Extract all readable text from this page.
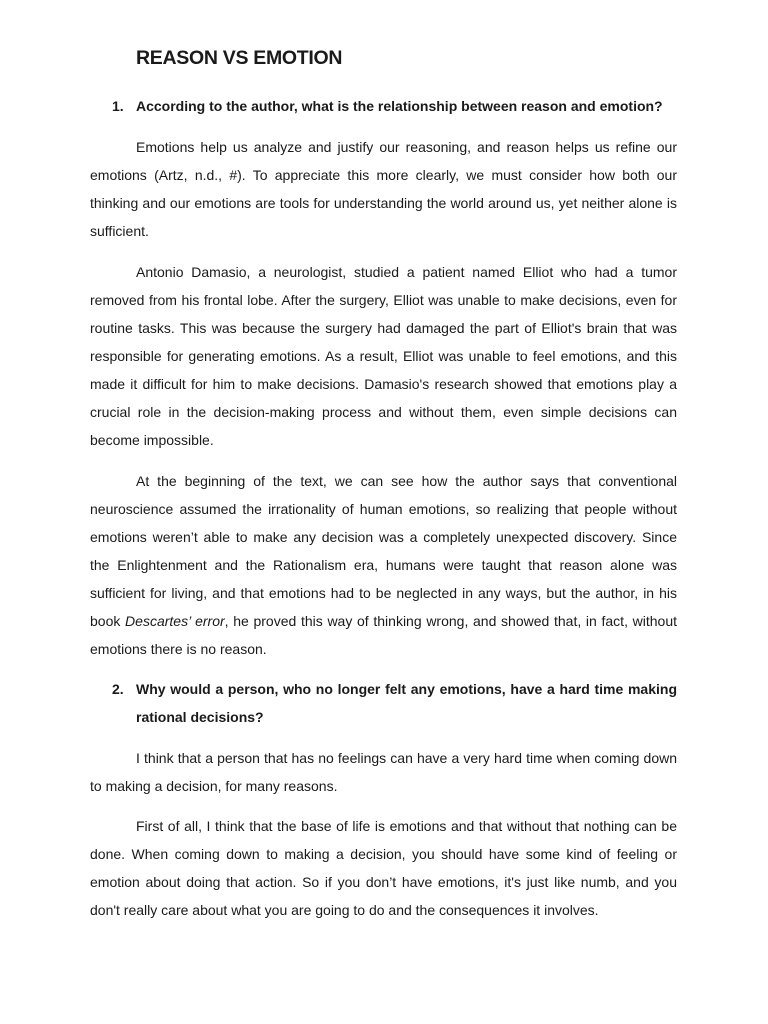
REASON VS EMOTION
1. According to the author, what is the relationship between reason and emotion?

Emotions help us analyze and justify our reasoning, and reason helps us refine our emotions (Artz, n.d., #). To appreciate this more clearly, we must consider how both our thinking and our emotions are tools for understanding the world around us, yet neither alone is sufficient.

Antonio Damasio, a neurologist, studied a patient named Elliot who had a tumor removed from his frontal lobe. After the surgery, Elliot was unable to make decisions, even for routine tasks. This was because the surgery had damaged the part of Elliot's brain that was responsible for generating emotions. As a result, Elliot was unable to feel emotions, and this made it difficult for him to make decisions. Damasio's research showed that emotions play a crucial role in the decision-making process and without them, even simple decisions can become impossible.

At the beginning of the text, we can see how the author says that conventional neuroscience assumed the irrationality of human emotions, so realizing that people without emotions weren’t able to make any decision was a completely unexpected discovery. Since the Enlightenment and the Rationalism era, humans were taught that reason alone was sufficient for living, and that emotions had to be neglected in any ways, but the author, in his book Descartes’ error, he proved this way of thinking wrong, and showed that, in fact, without emotions there is no reason.

2. Why would a person, who no longer felt any emotions, have a hard time making rational decisions?

I think that a person that has no feelings can have a very hard time when coming down to making a decision, for many reasons.

First of all, I think that the base of life is emotions and that without that nothing can be done. When coming down to making a decision, you should have some kind of feeling or emotion about doing that action. So if you don’t have emotions, it's just like numb, and you don't really care about what you are going to do and the consequences it involves.
